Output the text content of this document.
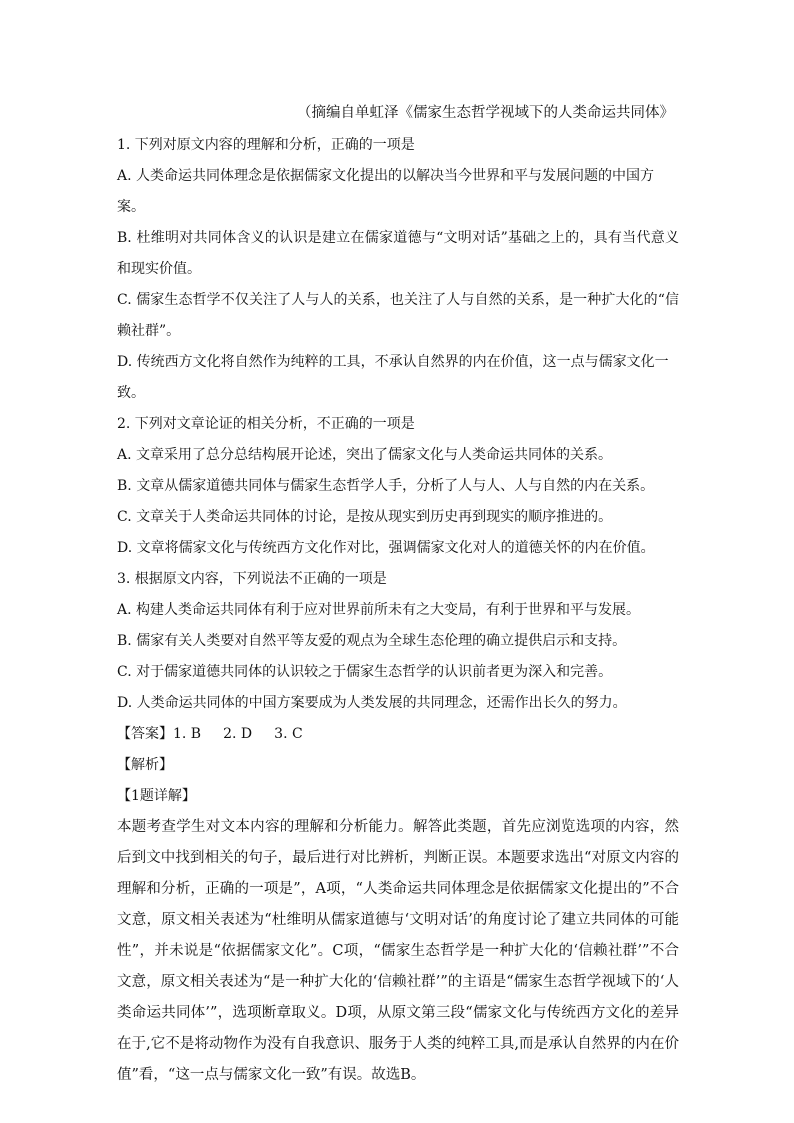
（摘编自单虹泽《儒家生态哲学视域下的人类命运共同体》

1. 下列对原文内容的理解和分析，正确的一项是

A. 人类命运共同体理念是依据儒家文化提出的以解决当今世界和平与发展问题的中国方案。

B. 杜维明对共同体含义的认识是建立在儒家道德与“文明对话”基础之上的，具有当代意义和现实价值。

C. 儒家生态哲学不仅关注了人与人的关系，也关注了人与自然的关系，是一种扩大化的“信赖社群”。

D. 传统西方文化将自然作为纯粹的工具，不承认自然界的内在价值，这一点与儒家文化一致。

2. 下列对文章论证的相关分析，不正确的一项是

A. 文章采用了总分总结构展开论述，突出了儒家文化与人类命运共同体的关系。

B. 文章从儒家道德共同体与儒家生态哲学人手，分析了人与人、人与自然的内在关系。

C. 文章关于人类命运共同体的讨论，是按从现实到历史再到现实的顺序推进的。

D. 文章将儒家文化与传统西方文化作对比，强调儒家文化对人的道德关怀的内在价值。

3. 根据原文内容，下列说法不正确的一项是

A. 构建人类命运共同体有利于应对世界前所未有之大变局，有利于世界和平与发展。

B. 儒家有关人类要对自然平等友爱的观点为全球生态伦理的确立提供启示和支持。

C. 对于儒家道德共同体的认识较之于儒家生态哲学的认识前者更为深入和完善。

D. 人类命运共同体的中国方案要成为人类发展的共同理念，还需作出长久的努力。

【答案】1. B 2. D 3. C

【解析】

【1题详解】

本题考查学生对文本内容的理解和分析能力。解答此类题，首先应浏览选项的内容，然后到文中找到相关的句子，最后进行对比辨析，判断正误。本题要求选出“对原文内容的理解和分析，正确的一项是”，A项，“人类命运共同体理念是依据儒家文化提出的”不合文意，原文相关表述为“杜维明从儒家道德与‘文明对话’的角度讨论了建立共同体的可能性”，并未说是“依据儒家文化”。C项，“儒家生态哲学是一种扩大化的‘信赖社群’”不合文意，原文相关表述为“是一种扩大化的‘信赖社群’”的主语是“儒家生态哲学视域下的‘人类命运共同体’”，选项断章取义。D项，从原文第三段“儒家文化与传统西方文化的差异在于,它不是将动物作为没有自我意识、服务于人类的纯粹工具,而是承认自然界的内在价值”看，“这一点与儒家文化一致”有误。故选B。
